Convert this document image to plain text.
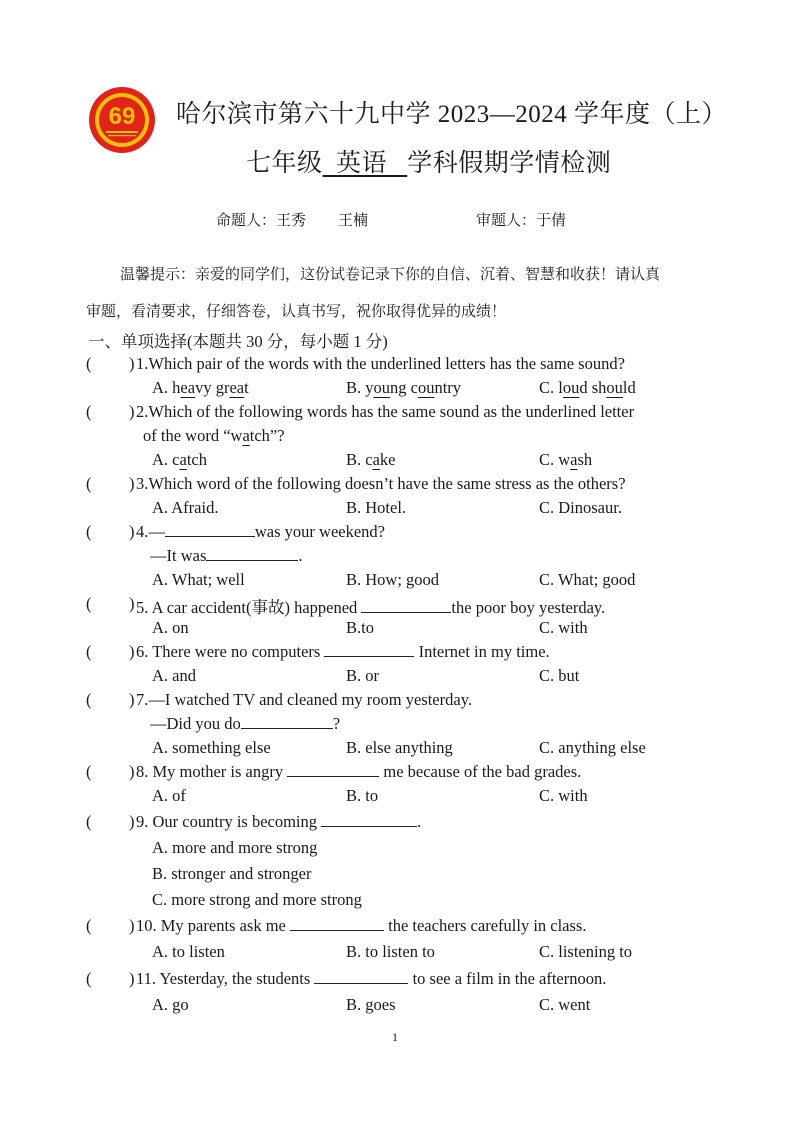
69 哈尔滨市第六十九中学 2023—2024 学年度（上）
七年级 英语 学科假期学情检测
命题人：王秀 王楠	审题人：于倩
温馨提示：亲爱的同学们，这份试卷记录下你的自信、沉着、智慧和收获！请认真
审题，看清要求，仔细答卷，认真书写，祝你取得优异的成绩！
一、单项选择(本题共 30 分，每小题 1 分)
( ) 1.Which pair of the words with the underlined letters has the same sound?
A. heavy great	B. young country	C. loud should
( ) 2.Which of the following words has the same sound as the underlined letter
of the word “watch”?
A. catch	B. cake	C. wash
( ) 3.Which word of the following doesn’t have the same stress as the others?
A. Afraid.	B. Hotel.	C. Dinosaur.
( ) 4.—	was your weekend?
—It was	.
A. What; well	B. How; good	C. What; good
( ) 5. A car accident(事故) happened	the poor boy yesterday.
A. on	B.to	C. with
( ) 6. There were no computers	Internet in my time.
A. and	B. or	C. but
( ) 7.—I watched TV and cleaned my room yesterday.
—Did you do	?
A. something else	B. else anything	C. anything else
( ) 8. My mother is angry	me because of the bad grades.
A. of	B. to	C. with
( ) 9. Our country is becoming	.
A. more and more strong
B. stronger and stronger
C. more strong and more strong
( ) 10. My parents ask me	the teachers carefully in class.
A. to listen	B. to listen to	C. listening to
( ) 11. Yesterday, the students	to see a film in the afternoon.
A. go	B. goes	C. went
1
